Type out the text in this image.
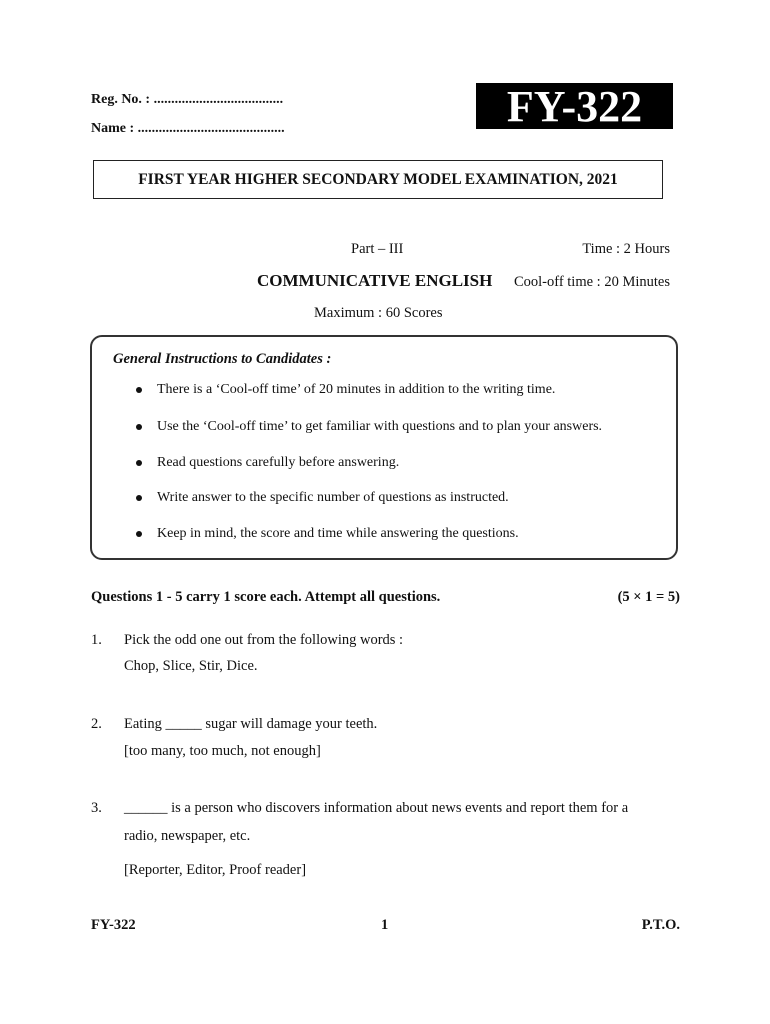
Reg. No. : .....................................
Name : ..........................................	FY-322
FIRST YEAR HIGHER SECONDARY MODEL EXAMINATION, 2021
Part – III	Time : 2 Hours
COMMUNICATIVE ENGLISH Cool-off time : 20 Minutes
Maximum : 60 Scores
General Instructions to Candidates :
There is a ‘Cool-off time’ of 20 minutes in addition to the writing time.
Use the ‘Cool-off time’ to get familiar with questions and to plan your answers.
Read questions carefully before answering.
Write answer to the specific number of questions as instructed.
Keep in mind, the score and time while answering the questions.
Questions 1 - 5 carry 1 score each. Attempt all questions.	(5 × 1 = 5)
1. Pick the odd one out from the following words :
Chop, Slice, Stir, Dice.
2. Eating _____ sugar will damage your teeth.
[too many, too much, not enough]
3. ______ is a person who discovers information about news events and report them for a
radio, newspaper, etc.
[Reporter, Editor, Proof reader]
FY-322	1	P.T.O.
